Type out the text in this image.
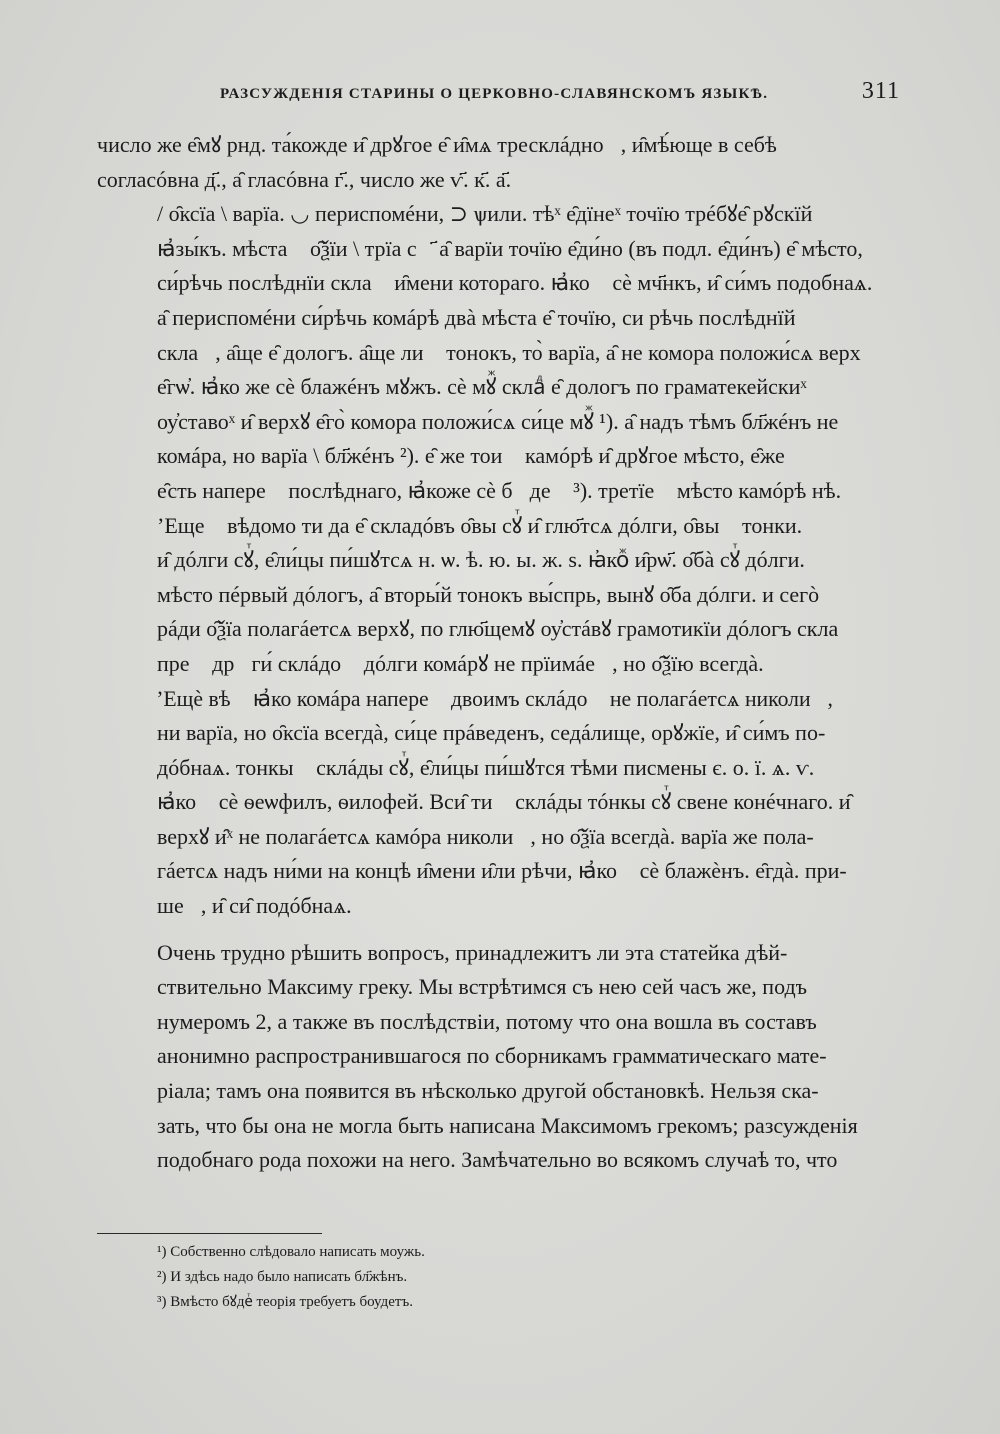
РАЗСУЖДЕНІЯ СТАРИНЫ О ЦЕРКОВНО-СЛАВЯНСКОМЪ ЯЗЫКѢ.	311

число же е̑мꙋ рнд. та́кожде и̑ дрꙋгое е̑ и̑мѧ тресклáдноⷤ, и̑мѣ́юще в себѣ
согласóвна д҃., а̑ гласóвна г҃., число же ѵ҃. к҃. а҃.

/ о̑ксїа \ варїа. ◡ периспомéни, ⊃ ѱили. тѣˣ е̑дїнеˣ точїю трéбꙋе̑ рꙋскїй
ꙗ҆зы́къ. мѣстаⷤ о̑ѯїи \ трїа сꙋ҃ а̑ варїи точїю е̑ди́но (въ подл. е̑ди́нъ) е̑ мѣсто,
си́рѣчь послѣднїи склаⷣ и̑мени котораго. ꙗ҆коⷤ сѐ мч҃нкъ, и̑ си́мъ подобнаѧ.
а̑ периспомéни си́рѣчь комáрѣ двà мѣста е̑ точїю, си рѣчь послѣднїй
склаⷣ, а̑ще е̑ дологъ. а̑ще лиⷤ тонокъ, то̀ варїа, а̑ не комора положи́сѧ верхꙋ
е̑гѡ҆. ꙗ҆ко же сѐ блажéнъ мꙋжъ. сѐ мꙋⷤ склаⷣ е̑ дологъ по граматекейскиˣ
оу҆ставоˣ и̑ верхꙋ е̑го̀ комора положи́сѧ си́це мꙋⷤ ¹). а̑ надъ тѣмъ бл҃жéнъ не
комáра, но варїа \ бл҃жéнъ ²). е̑ же тоиⷤ камóрѣ и̑ дрꙋгое мѣсто, е̑же
е̑сть напереⷣ послѣднаго, ꙗ҆коже сѐ бꙋдеⷮ ³). третїеⷤ мѣсто камóрѣ нѣ.

’Ещеⷤ вѣдомо ти да е̑ складóвъ о̑вы сꙋⷮ и̑ глю҃тсѧ дóлги, о̑выⷤ тонки.
и̑ дóлги сꙋⷮ, е̑ли́цы пи́шꙋтсѧ н. ѡ. ѣ. ю. ы. ж. ѕ. ꙗ҆коⷤ и̑рѡ҃. о̑бà сꙋⷮ дóлги.
мѣсто пéрвый дóлогъ, а̑ вторы́й тонокъ вы́спрь, вынꙋ о̑ба дóлги. и сегò
рáди о̑ѯїа полагáетсѧ верхꙋ, по глю҃щемꙋ оу҆стáвꙋ грамотикїи дóлогъ склаⷣ
преⷣ дрꙋги́ склáдоⷡ дóлги комáрꙋ не прїимáеⷮ, но о̑ѯїю всегдà.

’Ещѐ вѣⷤ ꙗ҆ко комáра напереⷣ двоимъ склáдоⷡ не полагáетсѧ николиⷤ,
ни варїа, но о̑ксїа всегдà, си́це прáведенъ, седáлище, орꙋжїе, и̑ си́мъ по-
дóбнаѧ. тонкыⷤ склáды сꙋⷮ, е̑ли́цы пи́шꙋтся тѣми писмены є. о. ї. ѧ. ѵ.
ꙗ҆коⷤ сѐ ѳеѡфилъ, ѳилофей. Вси̑ тиⷯ склáды тóнкы сꙋⷮ свене конéчнаго. и̑
верхꙋ и̑ˣ не полагáетсѧ камóра николиⷤ, но о̑ѯїа всегдà. варїа же пола-
гáетсѧ надъ ни́ми на концѣ и̑мени и̑ли рѣчи, ꙗ҆коⷤ сѐ блажѐнъ. е̑гдà. при-
шеⷣ, и̑ си̑ подóбнаѧ.

Очень трудно рѣшить вопросъ, принадлежитъ ли эта статейка дѣй-
ствительно Максиму греку. Мы встрѣтимся съ нею сей часъ же, подъ
нумеромъ 2, а также въ послѣдствіи, потому что она вошла въ составъ
анонимно распространившагося по сборникамъ грамматическаго мате-
ріала; тамъ она появится въ нѣсколько другой обстановкѣ. Нельзя ска-
зать, что бы она не могла быть написана Максимомъ грекомъ; разсужденія
подобнаго рода похожи на него. Замѣчательно во всякомъ случаѣ то, что

¹) Собственно слѣдовало написать моужь.
²) И здѣсь надо было написать бл҃жѣнъ.
³) Вмѣсто бꙋдеⷮ теорія требуетъ боудетъ.
